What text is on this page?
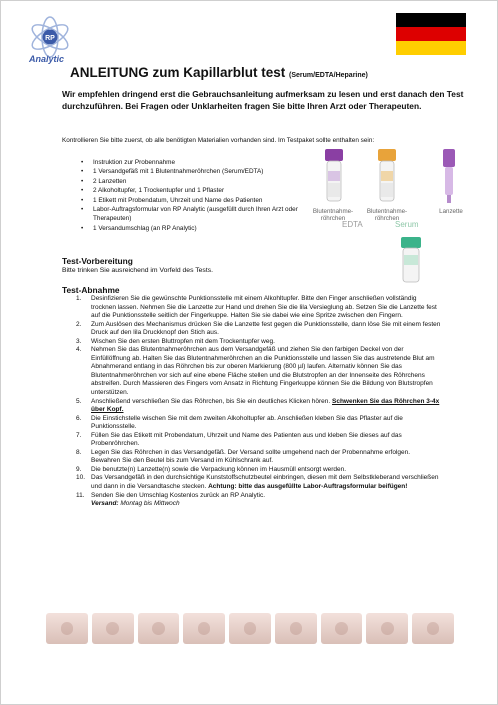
RP
Analytic
ANLEITUNG zum Kapillarblut test (Serum/EDTA/Heparine)
Wir empfehlen dringend erst die Gebrauchsanleitung aufmerksam zu lesen und erst danach den Test durchzuführen. Bei Fragen oder Unklarheiten fragen Sie bitte Ihren Arzt oder Therapeuten.
Kontrollieren Sie bitte zuerst, ob alle benötigten Materialien vorhanden sind. Im Testpaket sollte enthalten sein:
• Instruktion zur Probennahme
• 1 Versandgefäß mit 1 Blutentnahmeröhrchen (Serum/EDTA)
• 2 Lanzetten
• 2 Alkoholtupfer, 1 Trockentupfer und 1 Pflaster
• 1 Etikett mit Probendatum, Uhrzeit und Name des Patienten
• Labor-Auftragsformular von RP Analytic (ausgefüllt durch Ihren Arzt oder Therapeuten)
• 1 Versandumschlag (an RP Analytic)
Blutentnahme-röhrchen
EDTA
Blutentnahme-röhrchen
Serum
Lanzette
Test-Vorbereitung
Bitte trinken Sie ausreichend im Vorfeld des Tests.
Test-Abnahme
1. Desinfizieren Sie die gewünschte Punktionsstelle mit einem Alkohltupfer. Bitte den Finger anschließen vollständig trocknen lassen. Nehmen Sie die Lanzette zur Hand und drehen Sie die lila Versieglung ab. Setzen Sie die Lanzette fest auf die Punktionsstelle seitlich der Fingerkuppe. Halten Sie sie dabei wie eine Spritze zwischen den Fingern.
2. Zum Auslösen des Mechanismus drücken Sie die Lanzette fest gegen die Punktionsstelle, dann löse Sie mit einem festen Druck auf den lila Druckknopf den Stich aus.
3. Wischen Sie den ersten Bluttropfen mit dem Trockentupfer weg.
4. Nehmen Sie das Blutentnahmeröhrchen aus dem Versandgefäß und ziehen Sie den farbigen Deckel von der Einfüllöffnung ab. Halten Sie das Blutentnahmeröhrchen an die Punktionsstelle und lassen Sie das austretende Blut am Abnahmerand entlang in das Röhrchen bis zur oberen Markierung (800 µl) laufen. Alternativ können Sie das Blutentnahmeröhrchen vor sich auf eine ebene Fläche stellen und die Blutstropfen an der Innenseite des Röhrchens abstreifen. Durch Massieren des Fingers vom Ansatz in Richtung Fingerkuppe können Sie die Bildung von Blutstropfen unterstützen.
5. Anschließend verschließen Sie das Röhrchen, bis Sie ein deutliches Klicken hören. Schwenken Sie das Röhrchen 3-4x über Kopf.
6. Die Einstichstelle wischen Sie mit dem zweiten Alkoholtupfer ab. Anschließen kleben Sie das Pflaster auf die Punktionsstelle.
7. Füllen Sie das Etikett mit Probendatum, Uhrzeit und Name des Patienten aus und kleben Sie dieses auf das Probenröhrchen.
8. Legen Sie das Röhrchen in das Versandgefäß. Der Versand sollte umgehend nach der Probennahme erfolgen. Bewahren Sie den Beutel bis zum Versand im Kühlschrank auf.
9. Die benutzte(n) Lanzette(n) sowie die Verpackung können im Hausmüll entsorgt werden.
10. Das Versandgefäß in den durchsichtige Kunststoffschutzbeutel einbringen, diesen mit dem Selbstkleberand verschließen und dann in die Versandtasche stecken. Achtung: bitte das ausgefüllte Labor-Auftragsformular beifügen!
11. Senden Sie den Umschlag Kostenlos zurück an RP Analytic.
Versand: Montag bis Mittwoch
